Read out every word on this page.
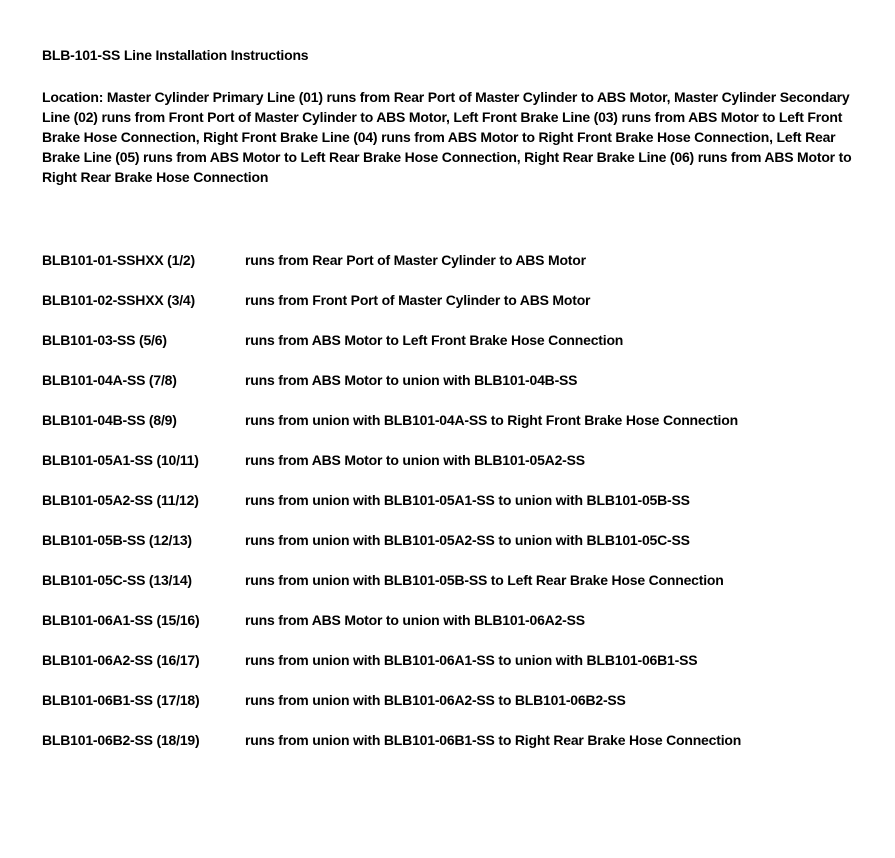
BLB-101-SS Line Installation Instructions

Location: Master Cylinder Primary Line (01) runs from Rear Port of Master Cylinder to ABS Motor, Master Cylinder Secondary Line (02) runs from Front Port of Master Cylinder to ABS Motor, Left Front Brake Line (03) runs from ABS Motor to Left Front Brake Hose Connection, Right Front Brake Line (04) runs from ABS Motor to Right Front Brake Hose Connection, Left Rear Brake Line (05) runs from ABS Motor to Left Rear Brake Hose Connection, Right Rear Brake Line (06) runs from ABS Motor to Right Rear Brake Hose Connection

BLB101-01-SSHXX (1/2)	runs from Rear Port of Master Cylinder to ABS Motor
BLB101-02-SSHXX (3/4)	runs from Front Port of Master Cylinder to ABS Motor
BLB101-03-SS (5/6)	runs from ABS Motor to Left Front Brake Hose Connection
BLB101-04A-SS (7/8)	runs from ABS Motor to union with BLB101-04B-SS
BLB101-04B-SS (8/9)	runs from union with BLB101-04A-SS to Right Front Brake Hose Connection
BLB101-05A1-SS (10/11)	runs from ABS Motor to union with BLB101-05A2-SS
BLB101-05A2-SS (11/12)	runs from union with BLB101-05A1-SS to union with BLB101-05B-SS
BLB101-05B-SS (12/13)	runs from union with BLB101-05A2-SS to union with BLB101-05C-SS
BLB101-05C-SS (13/14)	runs from union with BLB101-05B-SS to Left Rear Brake Hose Connection
BLB101-06A1-SS (15/16)	runs from ABS Motor to union with BLB101-06A2-SS
BLB101-06A2-SS (16/17)	runs from union with BLB101-06A1-SS to union with BLB101-06B1-SS
BLB101-06B1-SS (17/18)	runs from union with BLB101-06A2-SS to BLB101-06B2-SS
BLB101-06B2-SS (18/19)	runs from union with BLB101-06B1-SS to Right Rear Brake Hose Connection
